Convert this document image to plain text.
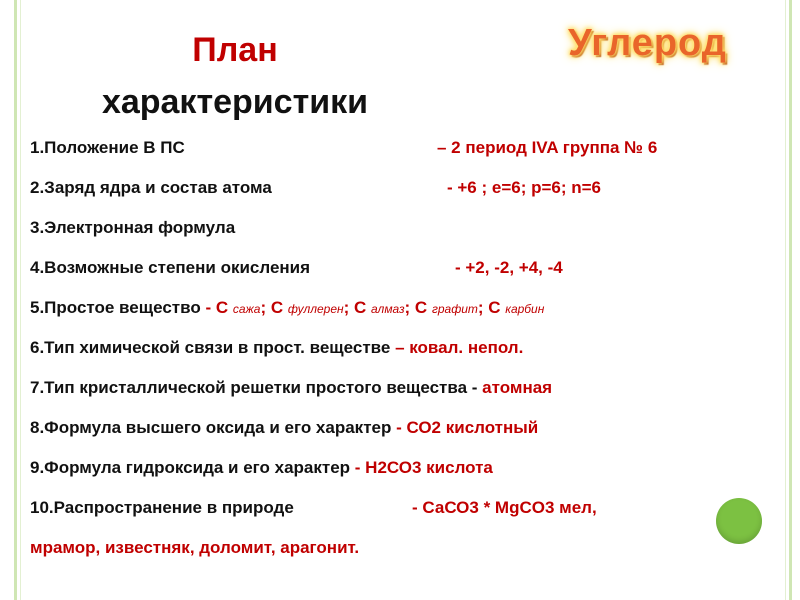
План
характеристики
Углерод
1.Положение В ПС	– 2 период IVA группа № 6
2.Заряд ядра и состав атома	- +6 ; е=6; р=6; n=6
3.Электронная формула
4.Возможные степени окисления	- +2, -2, +4, -4
5.Простое вещество - С сажа; С фуллерен; С алмаз; С графит; С карбин
6.Тип химической связи в прост. веществе – ковал. непол.
7.Тип кристаллической решетки простого вещества - атомная
8.Формула высшего оксида и его характер - СО2 кислотный
9.Формула гидроксида и его характер - Н2СО3 кислота
10.Распространение в природе	- СаСО3 * MgCO3 мел,
мрамор, известняк, доломит, арагонит.
